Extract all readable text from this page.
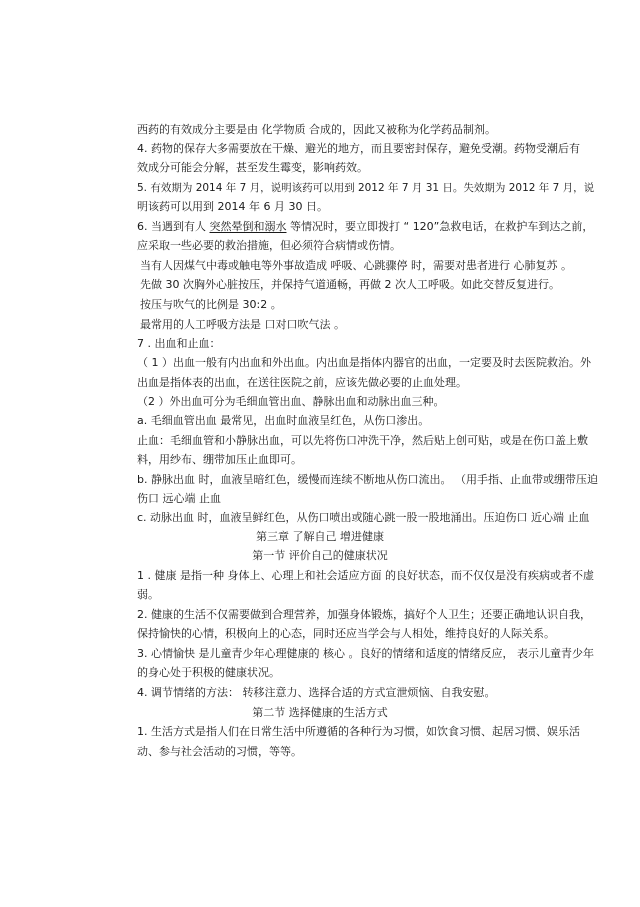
西药的有效成分主要是由 化学物质 合成的，因此又被称为化学药品制剂。
4. 药物的保存大多需要放在干燥、避光的地方，而且要密封保存，避免受潮。药物受潮后有
效成分可能会分解，甚至发生霉变，影响药效。
5. 有效期为 2014 年 7 月，说明该药可以用到 2012 年 7 月 31 日。失效期为 2012 年 7 月，说
明该药可以用到 2014 年 6 月 30 日。
6. 当遇到有人 突然晕倒和溺水 等情况时，要立即拨打 “ 120”急救电话，在救护车到达之前，
应采取一些必要的救治措施，但必须符合病情或伤情。
当有人因煤气中毒或触电等外事故造成 呼吸、心跳骤停 时，需要对患者进行 心肺复苏 。
先做 30 次胸外心脏按压，并保持气道通畅，再做 2 次人工呼吸。如此交替反复进行。
按压与吹气的比例是 30:2 。
最常用的人工呼吸方法是 口对口吹气法 。
7 . 出血和止血：
（ 1 ）出血一般有内出血和外出血。内出血是指体内器官的出血，一定要及时去医院救治。外
出血是指体表的出血，在送往医院之前，应该先做必要的止血处理。
（2 ）外出血可分为毛细血管出血、静脉出血和动脉出血三种。
a. 毛细血管出血 最常见，出血时血液呈红色，从伤口渗出。
止血：毛细血管和小静脉出血，可以先将伤口冲洗干净，然后贴上创可贴，或是在伤口盖上敷
料，用纱布、绷带加压止血即可。
b. 静脉出血 时，血液呈暗红色，缓慢而连续不断地从伤口流出。 （用手指、止血带或绷带压迫
伤口 远心端 止血
c. 动脉出血 时，血液呈鲜红色，从伤口喷出或随心跳一股一股地涌出。压迫伤口 近心端 止血
第三章 了解自己 增进健康
第一节 评价自己的健康状况
1 . 健康 是指一种 身体上、心理上和社会适应方面 的良好状态，而不仅仅是没有疾病或者不虚
弱。
2. 健康的生活不仅需要做到合理营养，加强身体锻炼，搞好个人卫生；还要正确地认识自我，
保持愉快的心情，积极向上的心态，同时还应当学会与人相处，维持良好的人际关系。
3. 心情愉快 是儿童青少年心理健康的 核心 。良好的情绪和适度的情绪反应， 表示儿童青少年
的身心处于积极的健康状况。
4. 调节情绪的方法： 转移注意力、选择合适的方式宣泄烦恼、自我安慰。
第二节 选择健康的生活方式
1. 生活方式是指人们在日常生活中所遵循的各种行为习惯，如饮食习惯、起居习惯、娱乐活
动、参与社会活动的习惯，等等。
